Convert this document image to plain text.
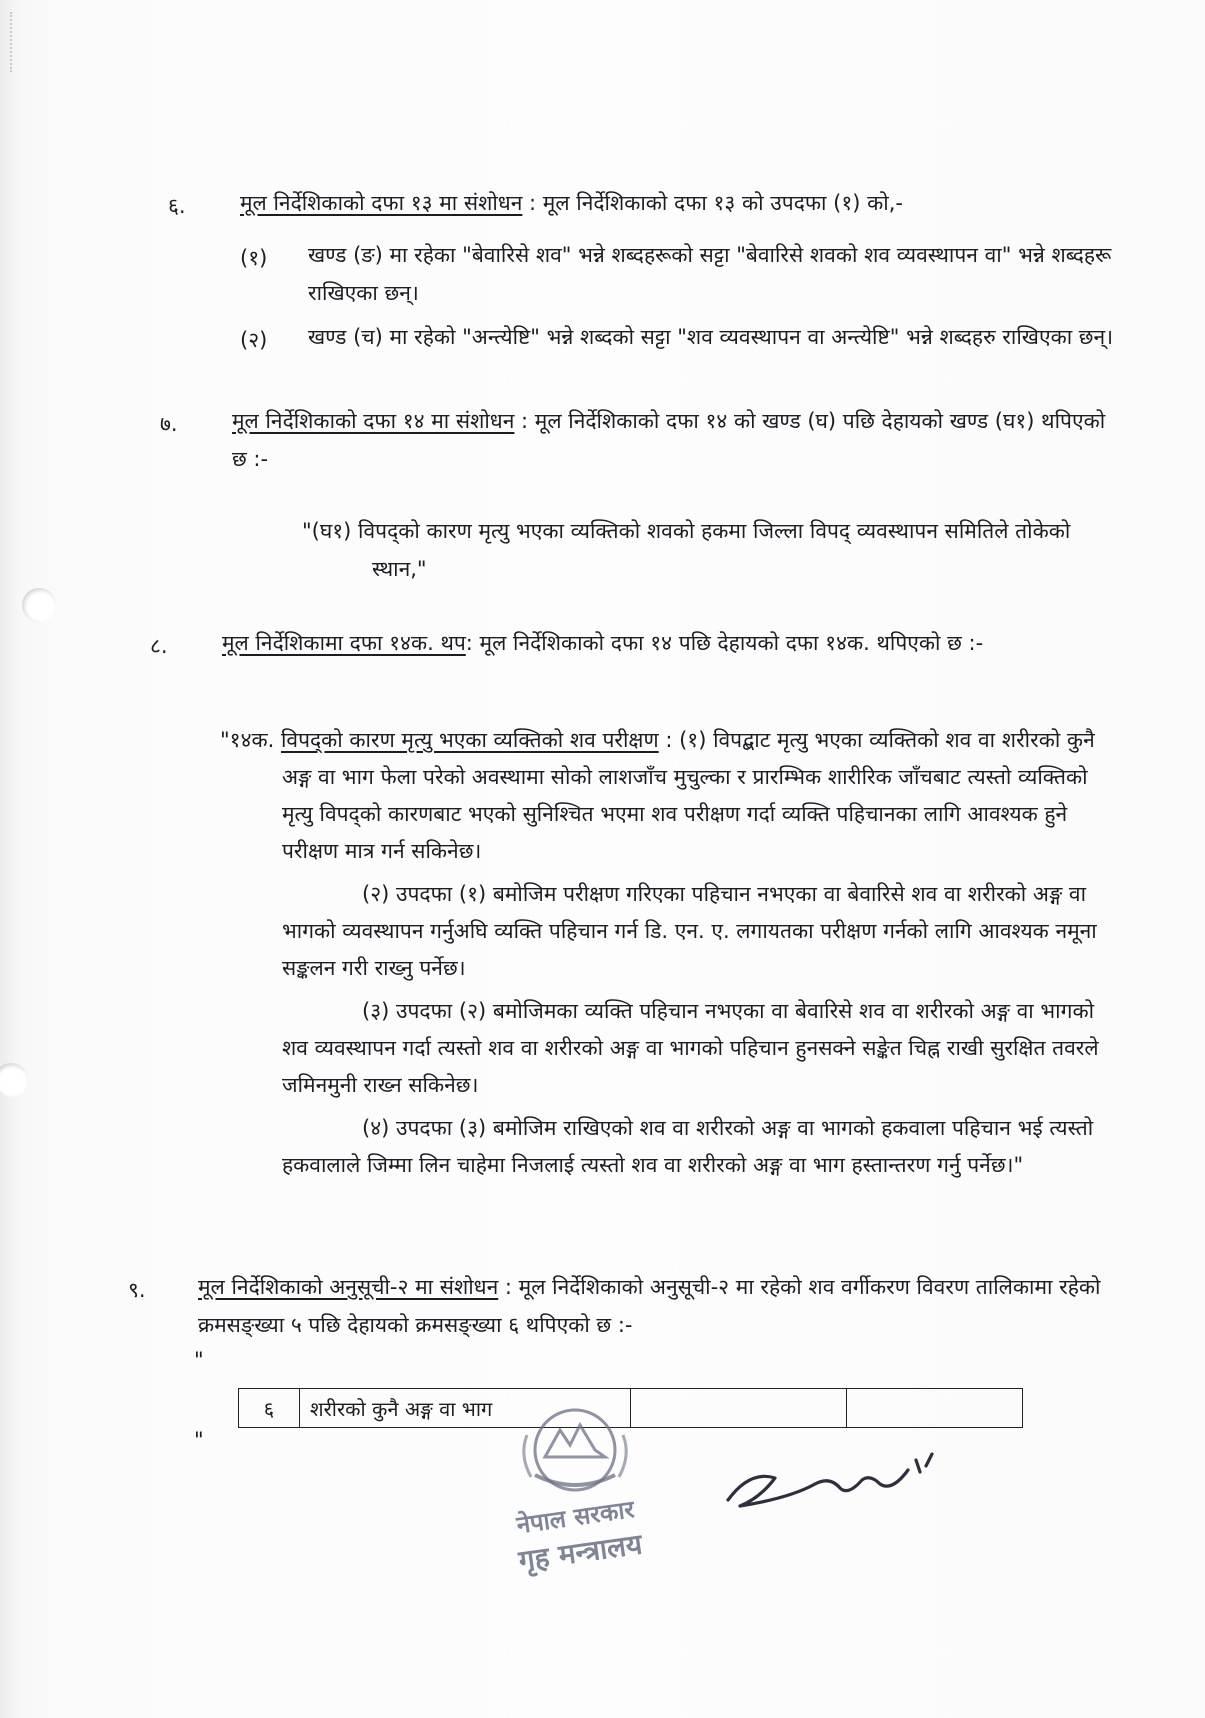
६.	मूल निर्देशिकाको दफा १३ मा संशोधन : मूल निर्देशिकाको दफा १३ को उपदफा (१) को,-

(१) खण्ड (ङ) मा रहेका "बेवारिसे शव" भन्ने शब्दहरूको सट्टा "बेवारिसे शवको शव व्यवस्थापन वा" भन्ने शब्दहरू राखिएका छन्।
(२) खण्ड (च) मा रहेको "अन्त्येष्टि" भन्ने शब्दको सट्टा "शव व्यवस्थापन वा अन्त्येष्टि" भन्ने शब्दहरु राखिएका छन्।
७.	मूल निर्देशिकाको दफा १४ मा संशोधन : मूल निर्देशिकाको दफा १४ को खण्ड (घ) पछि देहायको खण्ड (घ१) थपिएको छ :-

"(घ१) विपद्को कारण मृत्यु भएका व्यक्तिको शवको हकमा जिल्ला विपद् व्यवस्थापन समितिले तोकेको स्थान,"

८.	मूल निर्देशिकामा दफा १४क. थप: मूल निर्देशिकाको दफा १४ पछि देहायको दफा १४क. थपिएको छ :-

"१४क. विपद्को कारण मृत्यु भएका व्यक्तिको शव परीक्षण : (१) विपद्बाट मृत्यु भएका व्यक्तिको शव वा शरीरको कुनै अङ्ग वा भाग फेला परेको अवस्थामा सोको लाशजाँच मुचुल्का र प्रारम्भिक शारीरिक जाँचबाट त्यस्तो व्यक्तिको मृत्यु विपद्को कारणबाट भएको सुनिश्चित भएमा शव परीक्षण गर्दा व्यक्ति पहिचानका लागि आवश्यक हुने परीक्षण मात्र गर्न सकिनेछ।

(२) उपदफा (१) बमोजिम परीक्षण गरिएका पहिचान नभएका वा बेवारिसे शव वा शरीरको अङ्ग वा भागको व्यवस्थापन गर्नुअघि व्यक्ति पहिचान गर्न डि. एन. ए. लगायतका परीक्षण गर्नको लागि आवश्यक नमूना सङ्कलन गरी राख्नु पर्नेछ।

(३) उपदफा (२) बमोजिमका व्यक्ति पहिचान नभएका वा बेवारिसे शव वा शरीरको अङ्ग वा भागको शव व्यवस्थापन गर्दा त्यस्तो शव वा शरीरको अङ्ग वा भागको पहिचान हुनसक्ने सङ्केत चिह्न राखी सुरक्षित तवरले जमिनमुनी राख्न सकिनेछ।

(४) उपदफा (३) बमोजिम राखिएको शव वा शरीरको अङ्ग वा भागको हकवाला पहिचान भई त्यस्तो हकवालाले जिम्मा लिन चाहेमा निजलाई त्यस्तो शव वा शरीरको अङ्ग वा भाग हस्तान्तरण गर्नु पर्नेछ।"

९. मूल निर्देशिकाको अनुसूची-२ मा संशोधन : मूल निर्देशिकाको अनुसूची-२ मा रहेको शव वर्गीकरण विवरण तालिकामा रहेको क्रमसङ्ख्या ५ पछि देहायको क्रमसङ्ख्या ६ थपिएको छ :-

"
६	शरीरको कुनै अङ्ग वा भाग		
"
नेपाल सरकार
गृह मन्त्रालय
